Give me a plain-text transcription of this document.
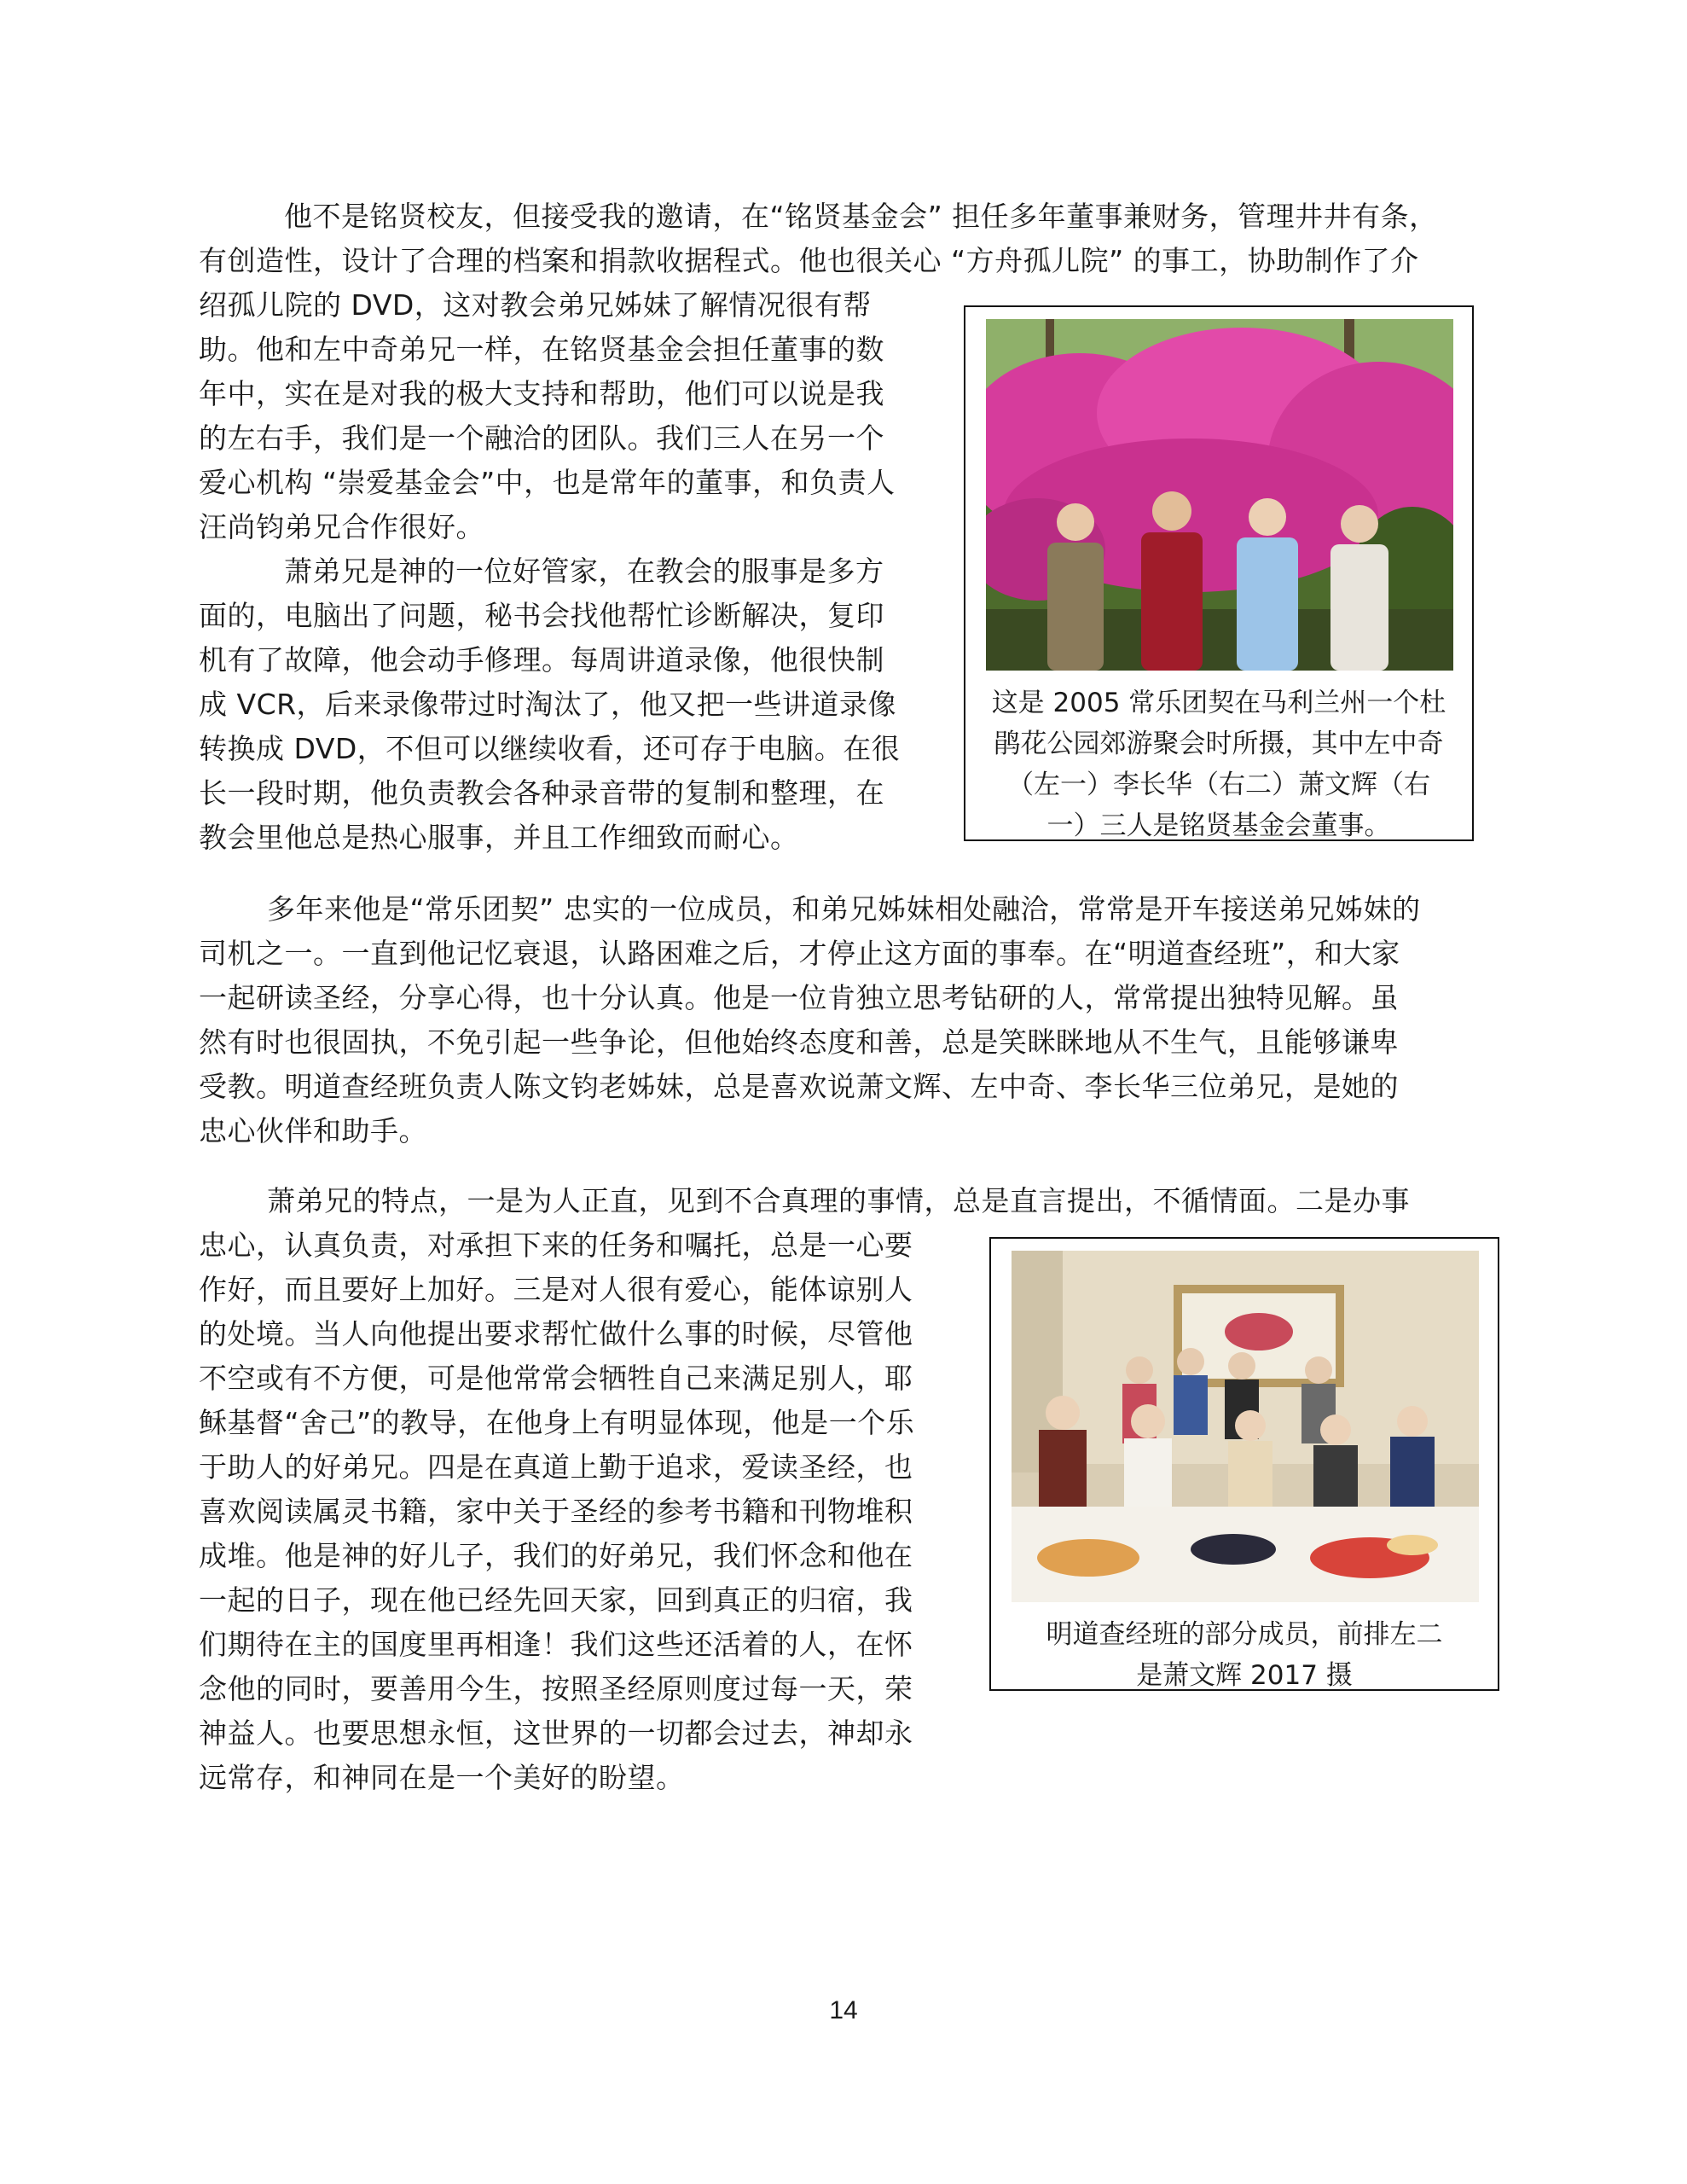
他不是铭贤校友，但接受我的邀请，在“铭贤基金会” 担任多年董事兼财务，管理井井有条，
有创造性，设计了合理的档案和捐款收据程式。他也很关心 “方舟孤儿院” 的事工，协助制作了介
绍孤儿院的 DVD，这对教会弟兄姊妹了解情况很有帮
助。他和左中奇弟兄一样，在铭贤基金会担任董事的数
年中，实在是对我的极大支持和帮助，他们可以说是我
的左右手，我们是一个融洽的团队。我们三人在另一个
爱心机构 “崇爱基金会”中，也是常年的董事，和负责人
汪尚钧弟兄合作很好。
萧弟兄是神的一位好管家，在教会的服事是多方
面的，电脑出了问题，秘书会找他帮忙诊断解决，复印
机有了故障，他会动手修理。每周讲道录像，他很快制
成 VCR，后来录像带过时淘汰了，他又把一些讲道录像
转换成 DVD，不但可以继续收看，还可存于电脑。在很
长一段时期，他负责教会各种录音带的复制和整理，在
教会里他总是热心服事，并且工作细致而耐心。
这是 2005 常乐团契在马利兰州一个杜
鹃花公园郊游聚会时所摄，其中左中奇
（左一）李长华（右二）萧文辉（右
一）三人是铭贤基金会董事。
多年来他是“常乐团契” 忠实的一位成员，和弟兄姊妹相处融洽，常常是开车接送弟兄姊妹的
司机之一。一直到他记忆衰退，认路困难之后，才停止这方面的事奉。在“明道查经班”，和大家
一起研读圣经，分享心得，也十分认真。他是一位肯独立思考钻研的人，常常提出独特见解。虽
然有时也很固执，不免引起一些争论，但他始终态度和善，总是笑眯眯地从不生气，且能够谦卑
受教。明道查经班负责人陈文钧老姊妹，总是喜欢说萧文辉、左中奇、李长华三位弟兄，是她的
忠心伙伴和助手。
萧弟兄的特点，一是为人正直，见到不合真理的事情，总是直言提出，不循情面。二是办事
忠心，认真负责，对承担下来的任务和嘱托，总是一心要
作好，而且要好上加好。三是对人很有爱心，能体谅别人
的处境。当人向他提出要求帮忙做什么事的时候，尽管他
不空或有不方便，可是他常常会牺牲自己来满足别人，耶
稣基督“舍己”的教导，在他身上有明显体现，他是一个乐
于助人的好弟兄。四是在真道上勤于追求，爱读圣经，也
喜欢阅读属灵书籍，家中关于圣经的参考书籍和刊物堆积
成堆。他是神的好儿子，我们的好弟兄，我们怀念和他在
一起的日子，现在他已经先回天家，回到真正的归宿，我
们期待在主的国度里再相逢！我们这些还活着的人，在怀
念他的同时，要善用今生，按照圣经原则度过每一天，荣
神益人。也要思想永恒，这世界的一切都会过去，神却永
远常存，和神同在是一个美好的盼望。
明道查经班的部分成员，前排左二
是萧文辉 2017 摄
14
